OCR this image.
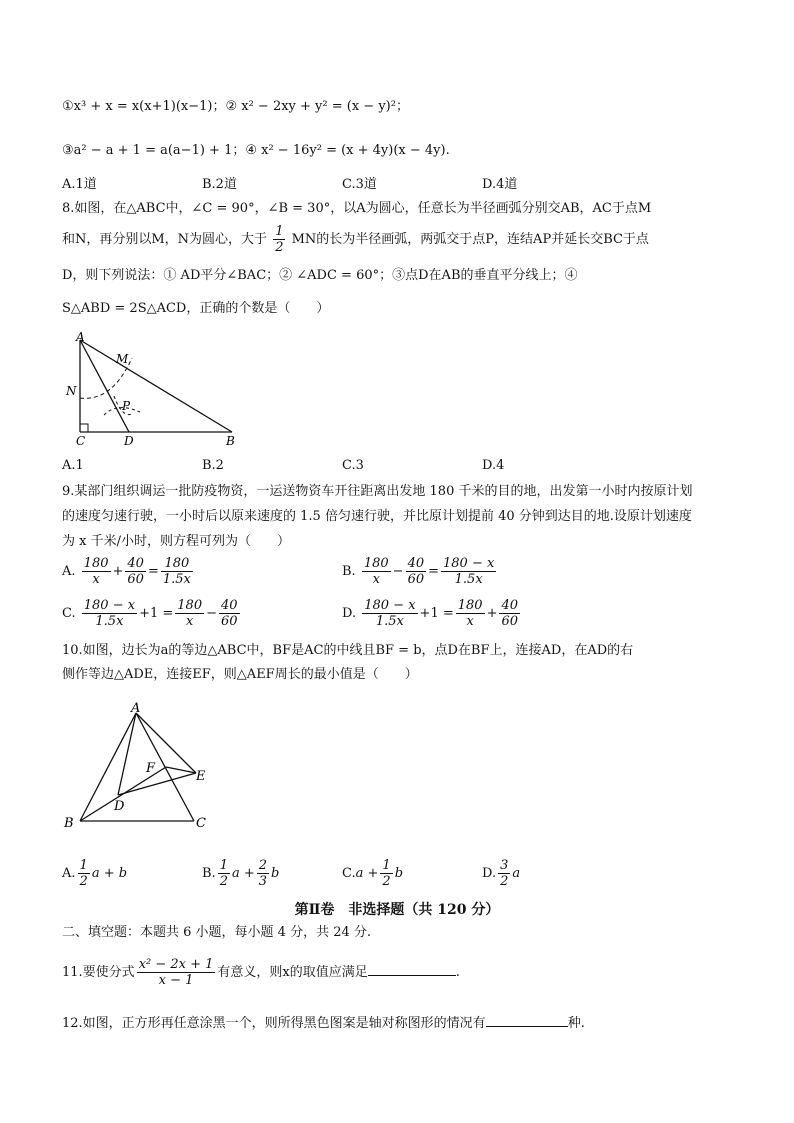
①x³ + x = x(x+1)(x−1)；② x² − 2xy + y² = (x − y)²；
③a² − a + 1 = a(a−1) + 1；④ x² − 16y² = (x + 4y)(x − 4y).
A.1道	B.2道	C.3道	D.4道
8.如图，在△ABC中，∠C = 90°，∠B = 30°，以A为圆心，任意长为半径画弧分别交AB，AC于点M
和N，再分别以M，N为圆心，大于 $\frac{1}{2}$ MN的长为半径画弧，两弧交于点P，连结AP并延长交BC于点
D，则下列说法：① AD平分∠BAC；② ∠ADC = 60°；③点D在AB的垂直平分线上；④
S△ABD = 2S△ACD，正确的个数是（　　）
A
M
N
P
C	D	B
A.1	B.2	C.3	D.4
9.某部门组织调运一批防疫物资，一运送物资车开往距离出发地 180 千米的目的地，出发第一小时内按原计划
的速度匀速行驶，一小时后以原来速度的 1.5 倍匀速行驶，并比原计划提前 40 分钟到达目的地.设原计划速度
为 x 千米/小时，则方程可列为（　　）
A. $\frac{180}{x} + \frac{40}{60} = \frac{180}{1.5x}$	B. $\frac{180}{x} - \frac{40}{60} = \frac{180 - x}{1.5x}$
C. $\frac{180 - x}{1.5x} +1 = \frac{180}{x} - \frac{40}{60}$	D. $\frac{180 - x}{1.5x} +1 = \frac{180}{x} + \frac{40}{60}$
10.如图，边长为a的等边△ABC中，BF是AC的中线且BF = b，点D在BF上，连接AD，在AD的右
侧作等边△ADE，连接EF，则△AEF周长的最小值是（　　）
A
F
E
D
B	C
A. $\frac{1}{2}$ a + b	B. $\frac{1}{2}$ $a + \frac{2}{3}$ b	$C.a + \frac{1}{2}$ b	D. $\frac{3}{2}$ a
第Ⅱ卷　非选择题（共 120 分）
二、填空题：本题共 6 小题，每小题 4 分，共 24 分.
11.要使分式 $\frac{\text{x² − 2x + 1}}{x - 1}$ 有意义，则x的取值应满足	.
12.如图，正方形再任意涂黑一个，则所得黑色图案是轴对称图形的情况有	种.
